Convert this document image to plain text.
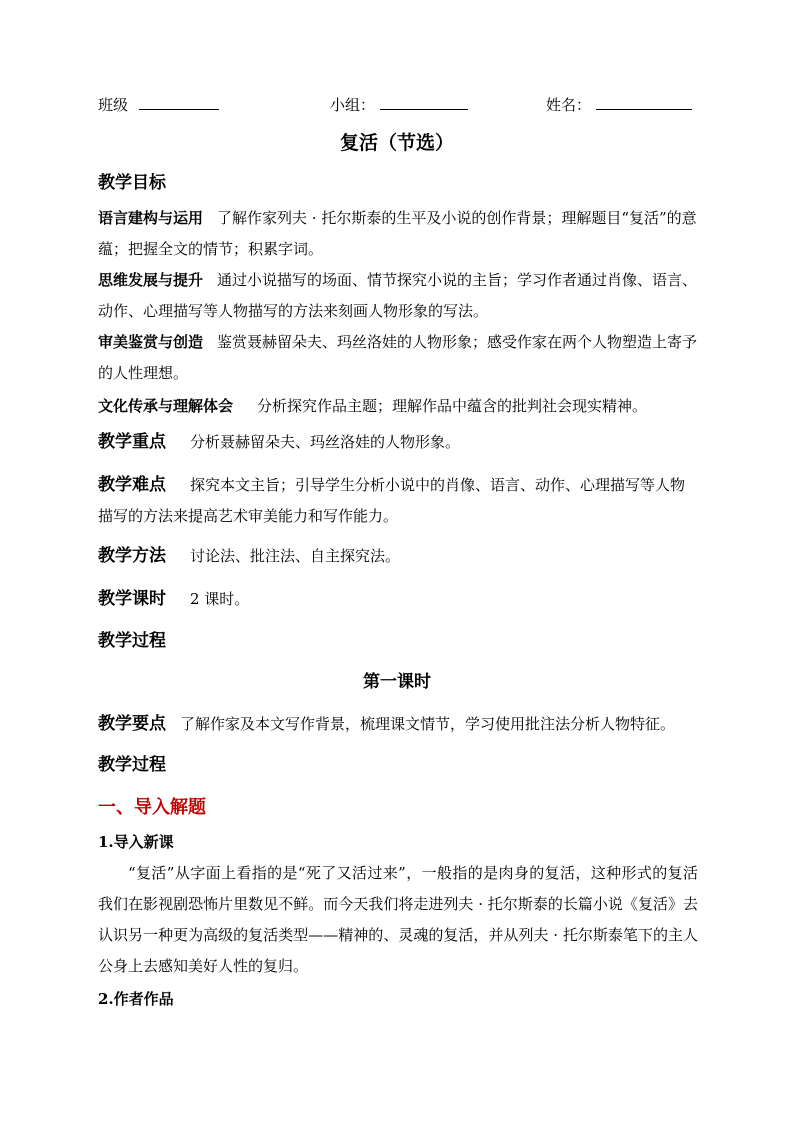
班级	小组：	姓名：
复活（节选）
教学目标
语言建构与运用 了解作家列夫 · 托尔斯泰的生平及小说的创作背景；理解题目“复活”的意蕴；把握全文的情节；积累字词。
思维发展与提升 通过小说描写的场面、情节探究小说的主旨；学习作者通过肖像、语言、动作、心理描写等人物描写的方法来刻画人物形象的写法。
审美鉴赏与创造 鉴赏聂赫留朵夫、玛丝洛娃的人物形象；感受作家在两个人物塑造上寄予的人性理想。
文化传承与理解体会 分析探究作品主题；理解作品中蕴含的批判社会现实精神。
教学重点 分析聂赫留朵夫、玛丝洛娃的人物形象。
教学难点 探究本文主旨；引导学生分析小说中的肖像、语言、动作、心理描写等人物描写的方法来提高艺术审美能力和写作能力。
教学方法 讨论法、批注法、自主探究法。
教学课时 2 课时。
教学过程
第一课时
教学要点 了解作家及本文写作背景，梳理课文情节，学习使用批注法分析人物特征。
教学过程
一、导入解题
1.导入新课
“复活”从字面上看指的是“死了又活过来”，一般指的是肉身的复活，这种形式的复活我们在影视剧恐怖片里数见不鲜。而今天我们将走进列夫 · 托尔斯泰的长篇小说《复活》去认识另一种更为高级的复活类型——精神的、灵魂的复活，并从列夫 · 托尔斯泰笔下的主人公身上去感知美好人性的复归。
2.作者作品
